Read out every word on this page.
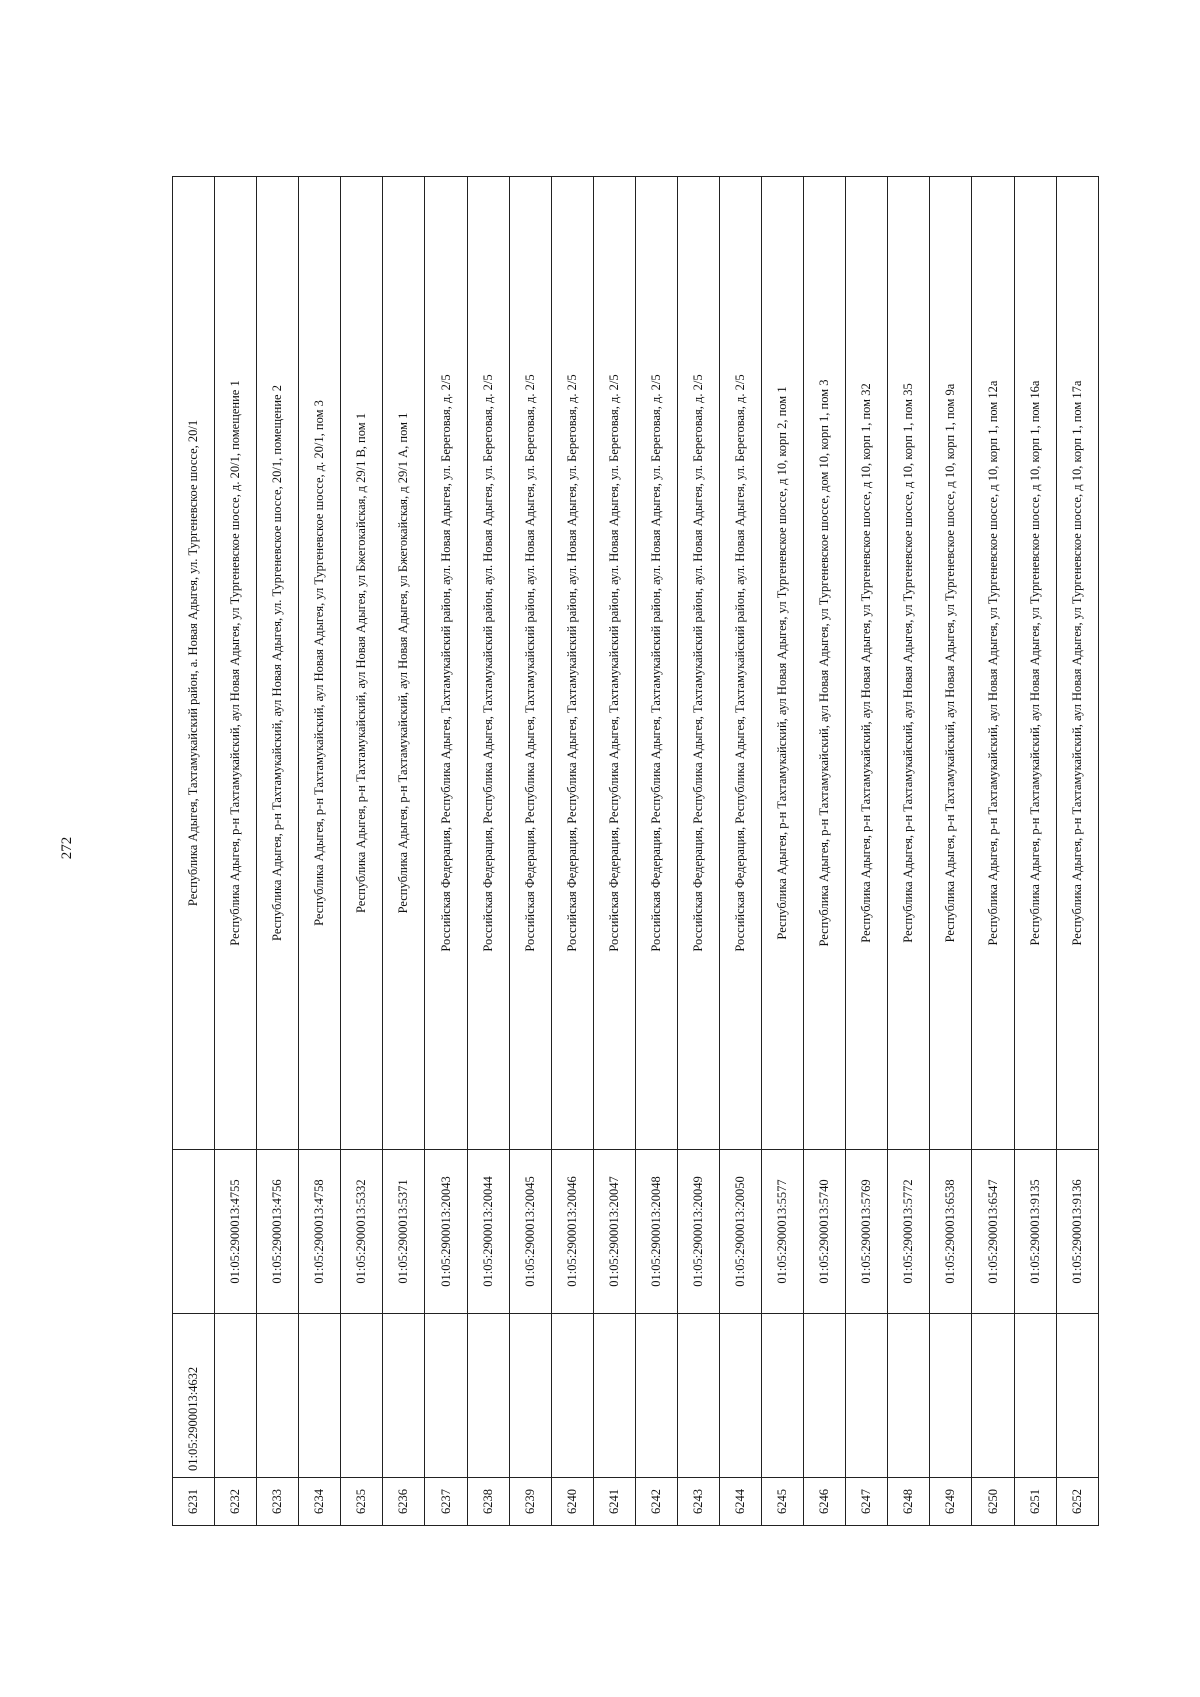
272
6231	01:05:2900013:4632		Республика Адыгея, Тахтамукайский район, а. Новая Адыгея, ул. Тургеневское шоссе, 20/1
6232		01:05:2900013:4755	Республика Адыгея, р-н Тахтамукайский, аул Новая Адыгея, ул Тургеневское шоссе, д. 20/1, помещение 1
6233		01:05:2900013:4756	Республика Адыгея, р-н Тахтамукайский, аул Новая Адыгея, ул. Тургеневское шоссе, 20/1, помещение 2
6234		01:05:2900013:4758	Республика Адыгея, р-н Тахтамукайский, аул Новая Адыгея, ул Тургеневское шоссе, д. 20/1, пом 3
6235		01:05:2900013:5332	Республика Адыгея, р-н Тахтамукайский, аул Новая Адыгея, ул Бжегокайская, д 29/1 В, пом 1
6236		01:05:2900013:5371	Республика Адыгея, р-н Тахтамукайский, аул Новая Адыгея, ул Бжегокайская, д 29/1 А, пом 1
6237		01:05:2900013:20043	Российская Федерация, Республика Адыгея, Тахтамукайский район, аул. Новая Адыгея, ул. Береговая, д. 2/5
6238		01:05:2900013:20044	Российская Федерация, Республика Адыгея, Тахтамукайский район, аул. Новая Адыгея, ул. Береговая, д. 2/5
6239		01:05:2900013:20045	Российская Федерация, Республика Адыгея, Тахтамукайский район, аул. Новая Адыгея, ул. Береговая, д. 2/5
6240		01:05:2900013:20046	Российская Федерация, Республика Адыгея, Тахтамукайский район, аул. Новая Адыгея, ул. Береговая, д. 2/5
6241		01:05:2900013:20047	Российская Федерация, Республика Адыгея, Тахтамукайский район, аул. Новая Адыгея, ул. Береговая, д. 2/5
6242		01:05:2900013:20048	Российская Федерация, Республика Адыгея, Тахтамукайский район, аул. Новая Адыгея, ул. Береговая, д. 2/5
6243		01:05:2900013:20049	Российская Федерация, Республика Адыгея, Тахтамукайский район, аул. Новая Адыгея, ул. Береговая, д. 2/5
6244		01:05:2900013:20050	Российская Федерация, Республика Адыгея, Тахтамукайский район, аул. Новая Адыгея, ул. Береговая, д. 2/5
6245		01:05:2900013:5577	Республика Адыгея, р-н Тахтамукайский, аул Новая Адыгея, ул Тургеневское шоссе, д 10, корп 2, пом 1
6246		01:05:2900013:5740	Республика Адыгея, р-н Тахтамукайский, аул Новая Адыгея, ул Тургеневское шоссе, дом 10, корп 1, пом 3
6247		01:05:2900013:5769	Республика Адыгея, р-н Тахтамукайский, аул Новая Адыгея, ул Тургеневское шоссе, д 10, корп 1, пом 32
6248		01:05:2900013:5772	Республика Адыгея, р-н Тахтамукайский, аул Новая Адыгея, ул Тургеневское шоссе, д 10, корп 1, пом 35
6249		01:05:2900013:6538	Республика Адыгея, р-н Тахтамукайский, аул Новая Адыгея, ул Тургеневское шоссе, д 10, корп 1, пом 9а
6250		01:05:2900013:6547	Республика Адыгея, р-н Тахтамукайский, аул Новая Адыгея, ул Тургеневское шоссе, д 10, корп 1, пом 12а
6251		01:05:2900013:9135	Республика Адыгея, р-н Тахтамукайский, аул Новая Адыгея, ул Тургеневское шоссе, д 10, корп 1, пом 16а
6252		01:05:2900013:9136	Республика Адыгея, р-н Тахтамукайский, аул Новая Адыгея, ул Тургеневское шоссе, д 10, корп 1, пом 17а
